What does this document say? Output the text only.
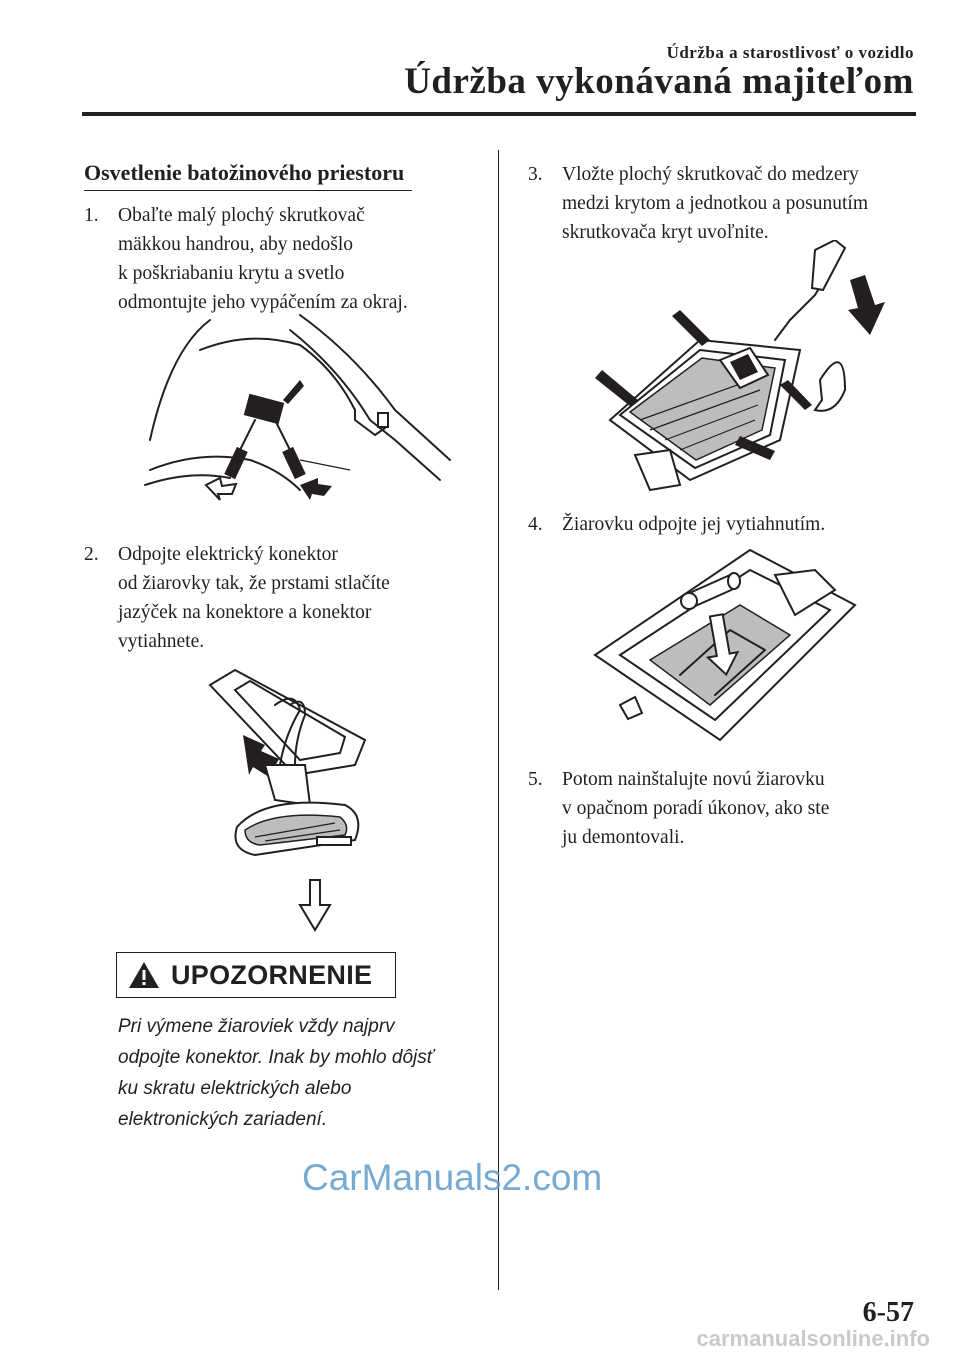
Údržba a starostlivosť o vozidlo
Údržba vykonávaná majiteľom
Osvetlenie batožinového priestoru
1. Obaľte malý plochý skrutkovač
mäkkou handrou, aby nedošlo
k poškriabaniu krytu a svetlo
odmontujte jeho vypáčením za okraj.
2. Odpojte elektrický konektor
od žiarovky tak, že prstami stlačíte
jazýček na konektore a konektor
vytiahnete.
UPOZORNENIE
Pri výmene žiaroviek vždy najprv
odpojte konektor. Inak by mohlo dôjsť
ku skratu elektrických alebo
elektronických zariadení.
3. Vložte plochý skrutkovač do medzery
medzi krytom a jednotkou a posunutím
skrutkovača kryt uvoľnite.
4. Žiarovku odpojte jej vytiahnutím.
5. Potom nainštalujte novú žiarovku
v opačnom poradí úkonov, ako ste
ju demontovali.
6-57
CarManuals2.com
carmanualsonline.info
